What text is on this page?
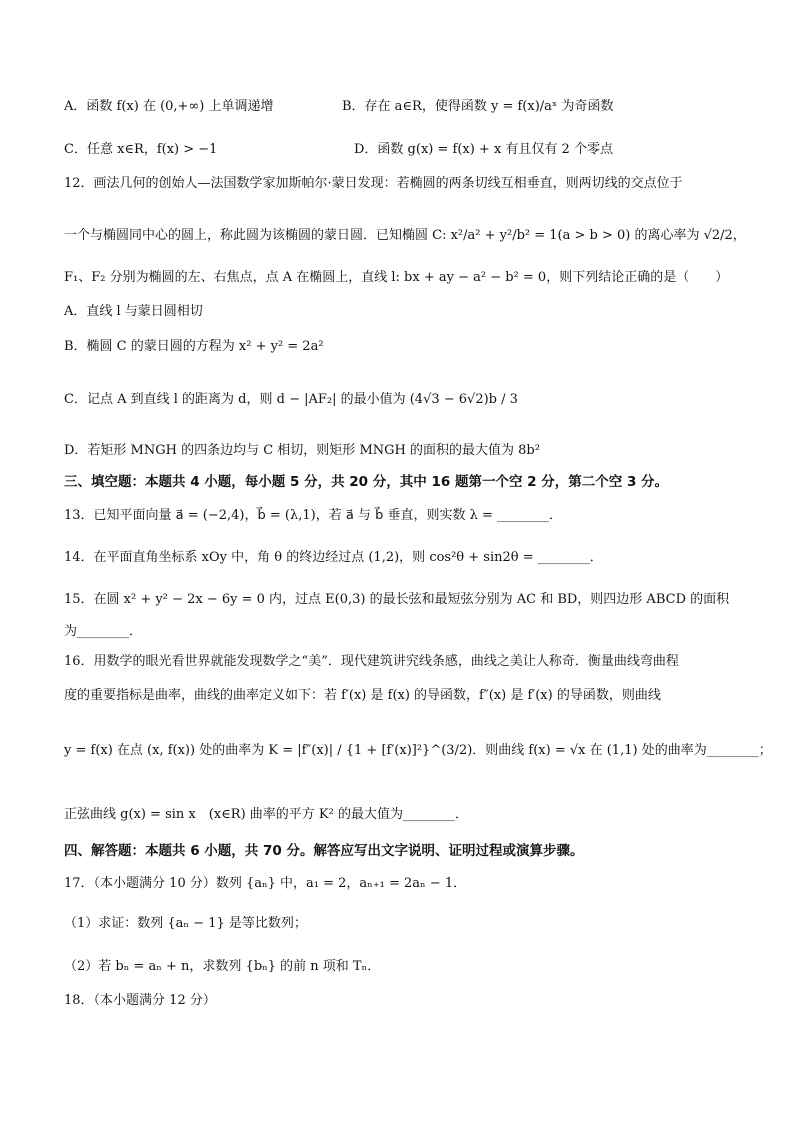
A．函数 f(x) 在 (0,+∞) 上单调递增	B．存在 a∈R，使得函数 y = f(x)/aˣ 为奇函数
C．任意 x∈R，f(x) > −1	D．函数 g(x) = f(x) + x 有且仅有 2 个零点
12．画法几何的创始人—法国数学家加斯帕尔·蒙日发现：若椭圆的两条切线互相垂直，则两切线的交点位于
一个与椭圆同中心的圆上，称此圆为该椭圆的蒙日圆．已知椭圆 C: x²/a² + y²/b² = 1(a > b > 0) 的离心率为 √2/2，
F₁、F₂ 分别为椭圆的左、右焦点，点 A 在椭圆上，直线 l: bx + ay − a² − b² = 0，则下列结论正确的是（　　）
A．直线 l 与蒙日圆相切
B．椭圆 C 的蒙日圆的方程为 x² + y² = 2a²
C．记点 A 到直线 l 的距离为 d，则 d − |AF₂| 的最小值为 (4√3 − 6√2)b / 3
D．若矩形 MNGH 的四条边均与 C 相切，则矩形 MNGH 的面积的最大值为 8b²
三、填空题：本题共 4 小题，每小题 5 分，共 20 分，其中 16 题第一个空 2 分，第二个空 3 分。
13．已知平面向量 a⃗ = (−2,4)，b⃗ = (λ,1)，若 a⃗ 与 b⃗ 垂直，则实数 λ = ________．
14．在平面直角坐标系 xOy 中，角 θ 的终边经过点 (1,2)，则 cos²θ + sin2θ = ________．
15．在圆 x² + y² − 2x − 6y = 0 内，过点 E(0,3) 的最长弦和最短弦分别为 AC 和 BD，则四边形 ABCD 的面积
为________．
16．用数学的眼光看世界就能发现数学之“美”．现代建筑讲究线条感，曲线之美让人称奇．衡量曲线弯曲程
度的重要指标是曲率，曲线的曲率定义如下：若 f′(x) 是 f(x) 的导函数，f″(x) 是 f′(x) 的导函数，则曲线
y = f(x) 在点 (x, f(x)) 处的曲率为 K = |f″(x)| / {1 + [f′(x)]²}^(3/2)．则曲线 f(x) = √x 在 (1,1) 处的曲率为________；
正弦曲线 g(x) = sin x　(x∈R) 曲率的平方 K² 的最大值为________．
四、解答题：本题共 6 小题，共 70 分。解答应写出文字说明、证明过程或演算步骤。
17．（本小题满分 10 分）数列 {aₙ} 中，a₁ = 2，aₙ₊₁ = 2aₙ − 1．
（1）求证：数列 {aₙ − 1} 是等比数列；
（2）若 bₙ = aₙ + n，求数列 {bₙ} 的前 n 项和 Tₙ．
18．（本小题满分 12 分）
